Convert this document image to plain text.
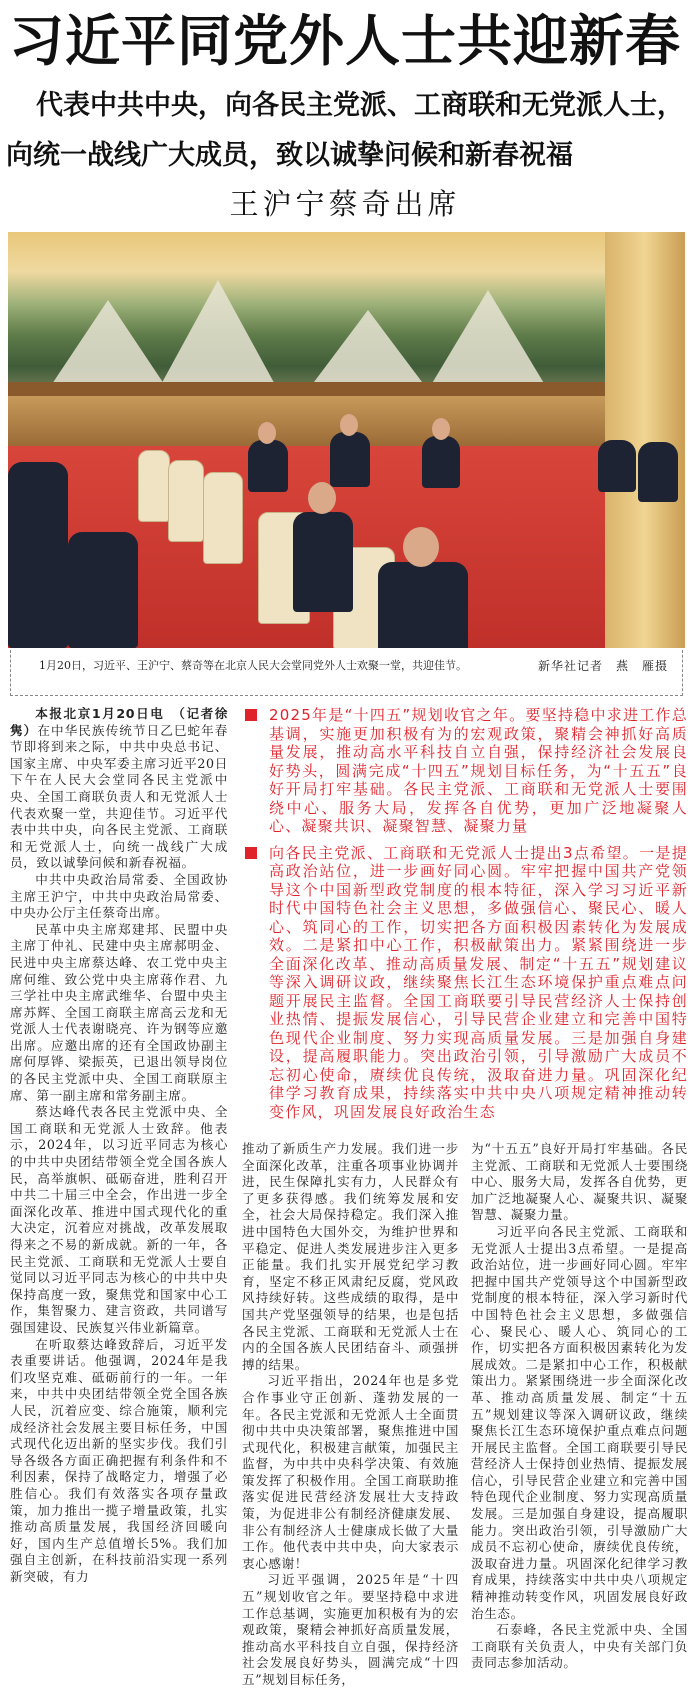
习近平同党外人士共迎新春
代表中共中央，向各民主党派、工商联和无党派人士，
向统一战线广大成员，致以诚挚问候和新春祝福
王沪宁蔡奇出席
1月20日，习近平、王沪宁、蔡奇等在北京人民大会堂同党外人士欢聚一堂，共迎佳节。	新华社记者　燕　雁摄

本报北京1月20日电　（记者徐隽）在中华民族传统节日乙巳蛇年春节即将到来之际，中共中央总书记、国家主席、中央军委主席习近平20日下午在人民大会堂同各民主党派中央、全国工商联负责人和无党派人士代表欢聚一堂，共迎佳节。习近平代表中共中央，向各民主党派、工商联和无党派人士，向统一战线广大成员，致以诚挚问候和新春祝福。

中共中央政治局常委、全国政协主席王沪宁，中共中央政治局常委、中央办公厅主任蔡奇出席。

民革中央主席郑建邦、民盟中央主席丁仲礼、民建中央主席郝明金、民进中央主席蔡达峰、农工党中央主席何维、致公党中央主席蒋作君、九三学社中央主席武维华、台盟中央主席苏辉、全国工商联主席高云龙和无党派人士代表谢晓亮、许为钢等应邀出席。应邀出席的还有全国政协副主席何厚铧、梁振英，已退出领导岗位的各民主党派中央、全国工商联原主席、第一副主席和常务副主席。

蔡达峰代表各民主党派中央、全国工商联和无党派人士致辞。他表示，2024年，以习近平同志为核心的中共中央团结带领全党全国各族人民，高举旗帜、砥砺奋进，胜利召开中共二十届三中全会，作出进一步全面深化改革、推进中国式现代化的重大决定，沉着应对挑战，改革发展取得来之不易的新成就。新的一年，各民主党派、工商联和无党派人士要自觉同以习近平同志为核心的中共中央保持高度一致，聚焦党和国家中心工作，集智聚力、建言资政，共同谱写强国建设、民族复兴伟业新篇章。

在听取蔡达峰致辞后，习近平发表重要讲话。他强调，2024年是我们攻坚克难、砥砺前行的一年。一年来，中共中央团结带领全党全国各族人民，沉着应变、综合施策，顺利完成经济社会发展主要目标任务，中国式现代化迈出新的坚实步伐。我们引导各级各方面正确把握有利条件和不利因素，保持了战略定力，增强了必胜信心。我们有效落实各项存量政策，加力推出一揽子增量政策，扎实推动高质量发展，我国经济回暖向好，国内生产总值增长5%。我们加强自主创新，在科技前沿实现一系列新突破，有力

2025年是“十四五”规划收官之年。要坚持稳中求进工作总基调，实施更加积极有为的宏观政策，聚精会神抓好高质量发展，推动高水平科技自立自强，保持经济社会发展良好势头，圆满完成“十四五”规划目标任务，为“十五五”良好开局打牢基础。各民主党派、工商联和无党派人士要围绕中心、服务大局，发挥各自优势，更加广泛地凝聚人心、凝聚共识、凝聚智慧、凝聚力量
向各民主党派、工商联和无党派人士提出3点希望。一是提高政治站位，进一步画好同心圆。牢牢把握中国共产党领导这个中国新型政党制度的根本特征，深入学习习近平新时代中国特色社会主义思想，多做强信心、聚民心、暖人心、筑同心的工作，切实把各方面积极因素转化为发展成效。二是紧扣中心工作，积极献策出力。紧紧围绕进一步全面深化改革、推动高质量发展、制定“十五五”规划建议等深入调研议政，继续聚焦长江生态环境保护重点难点问题开展民主监督。全国工商联要引导民营经济人士保持创业热情、提振发展信心，引导民营企业建立和完善中国特色现代企业制度、努力实现高质量发展。三是加强自身建设，提高履职能力。突出政治引领，引导激励广大成员不忘初心使命，赓续优良传统，汲取奋进力量。巩固深化纪律学习教育成果，持续落实中共中央八项规定精神推动转变作风，巩固发展良好政治生态

推动了新质生产力发展。我们进一步全面深化改革，注重各项事业协调并进，民生保障扎实有力，人民群众有了更多获得感。我们统筹发展和安全，社会大局保持稳定。我们深入推进中国特色大国外交，为维护世界和平稳定、促进人类发展进步注入更多正能量。我们扎实开展党纪学习教育，坚定不移正风肃纪反腐，党风政风持续好转。这些成绩的取得，是中国共产党坚强领导的结果，也是包括各民主党派、工商联和无党派人士在内的全国各族人民团结奋斗、顽强拼搏的结果。

习近平指出，2024年也是多党合作事业守正创新、蓬勃发展的一年。各民主党派和无党派人士全面贯彻中共中央决策部署，聚焦推进中国式现代化，积极建言献策，加强民主监督，为中共中央科学决策、有效施策发挥了积极作用。全国工商联助推落实促进民营经济发展壮大支持政策，为促进非公有制经济健康发展、非公有制经济人士健康成长做了大量工作。他代表中共中央，向大家表示衷心感谢！

习近平强调，2025年是“十四五”规划收官之年。要坚持稳中求进工作总基调，实施更加积极有为的宏观政策，聚精会神抓好高质量发展，推动高水平科技自立自强，保持经济社会发展良好势头，圆满完成“十四五”规划目标任务，

为“十五五”良好开局打牢基础。各民主党派、工商联和无党派人士要围绕中心、服务大局，发挥各自优势，更加广泛地凝聚人心、凝聚共识、凝聚智慧、凝聚力量。

习近平向各民主党派、工商联和无党派人士提出3点希望。一是提高政治站位，进一步画好同心圆。牢牢把握中国共产党领导这个中国新型政党制度的根本特征，深入学习新时代中国特色社会主义思想，多做强信心、聚民心、暖人心、筑同心的工作，切实把各方面积极因素转化为发展成效。二是紧扣中心工作，积极献策出力。紧紧围绕进一步全面深化改革、推动高质量发展、制定“十五五”规划建议等深入调研议政，继续聚焦长江生态环境保护重点难点问题开展民主监督。全国工商联要引导民营经济人士保持创业热情、提振发展信心，引导民营企业建立和完善中国特色现代企业制度、努力实现高质量发展。三是加强自身建设，提高履职能力。突出政治引领，引导激励广大成员不忘初心使命，赓续优良传统，汲取奋进力量。巩固深化纪律学习教育成果，持续落实中共中央八项规定精神推动转变作风，巩固发展良好政治生态。

石泰峰，各民主党派中央、全国工商联有关负责人，中央有关部门负责同志参加活动。
